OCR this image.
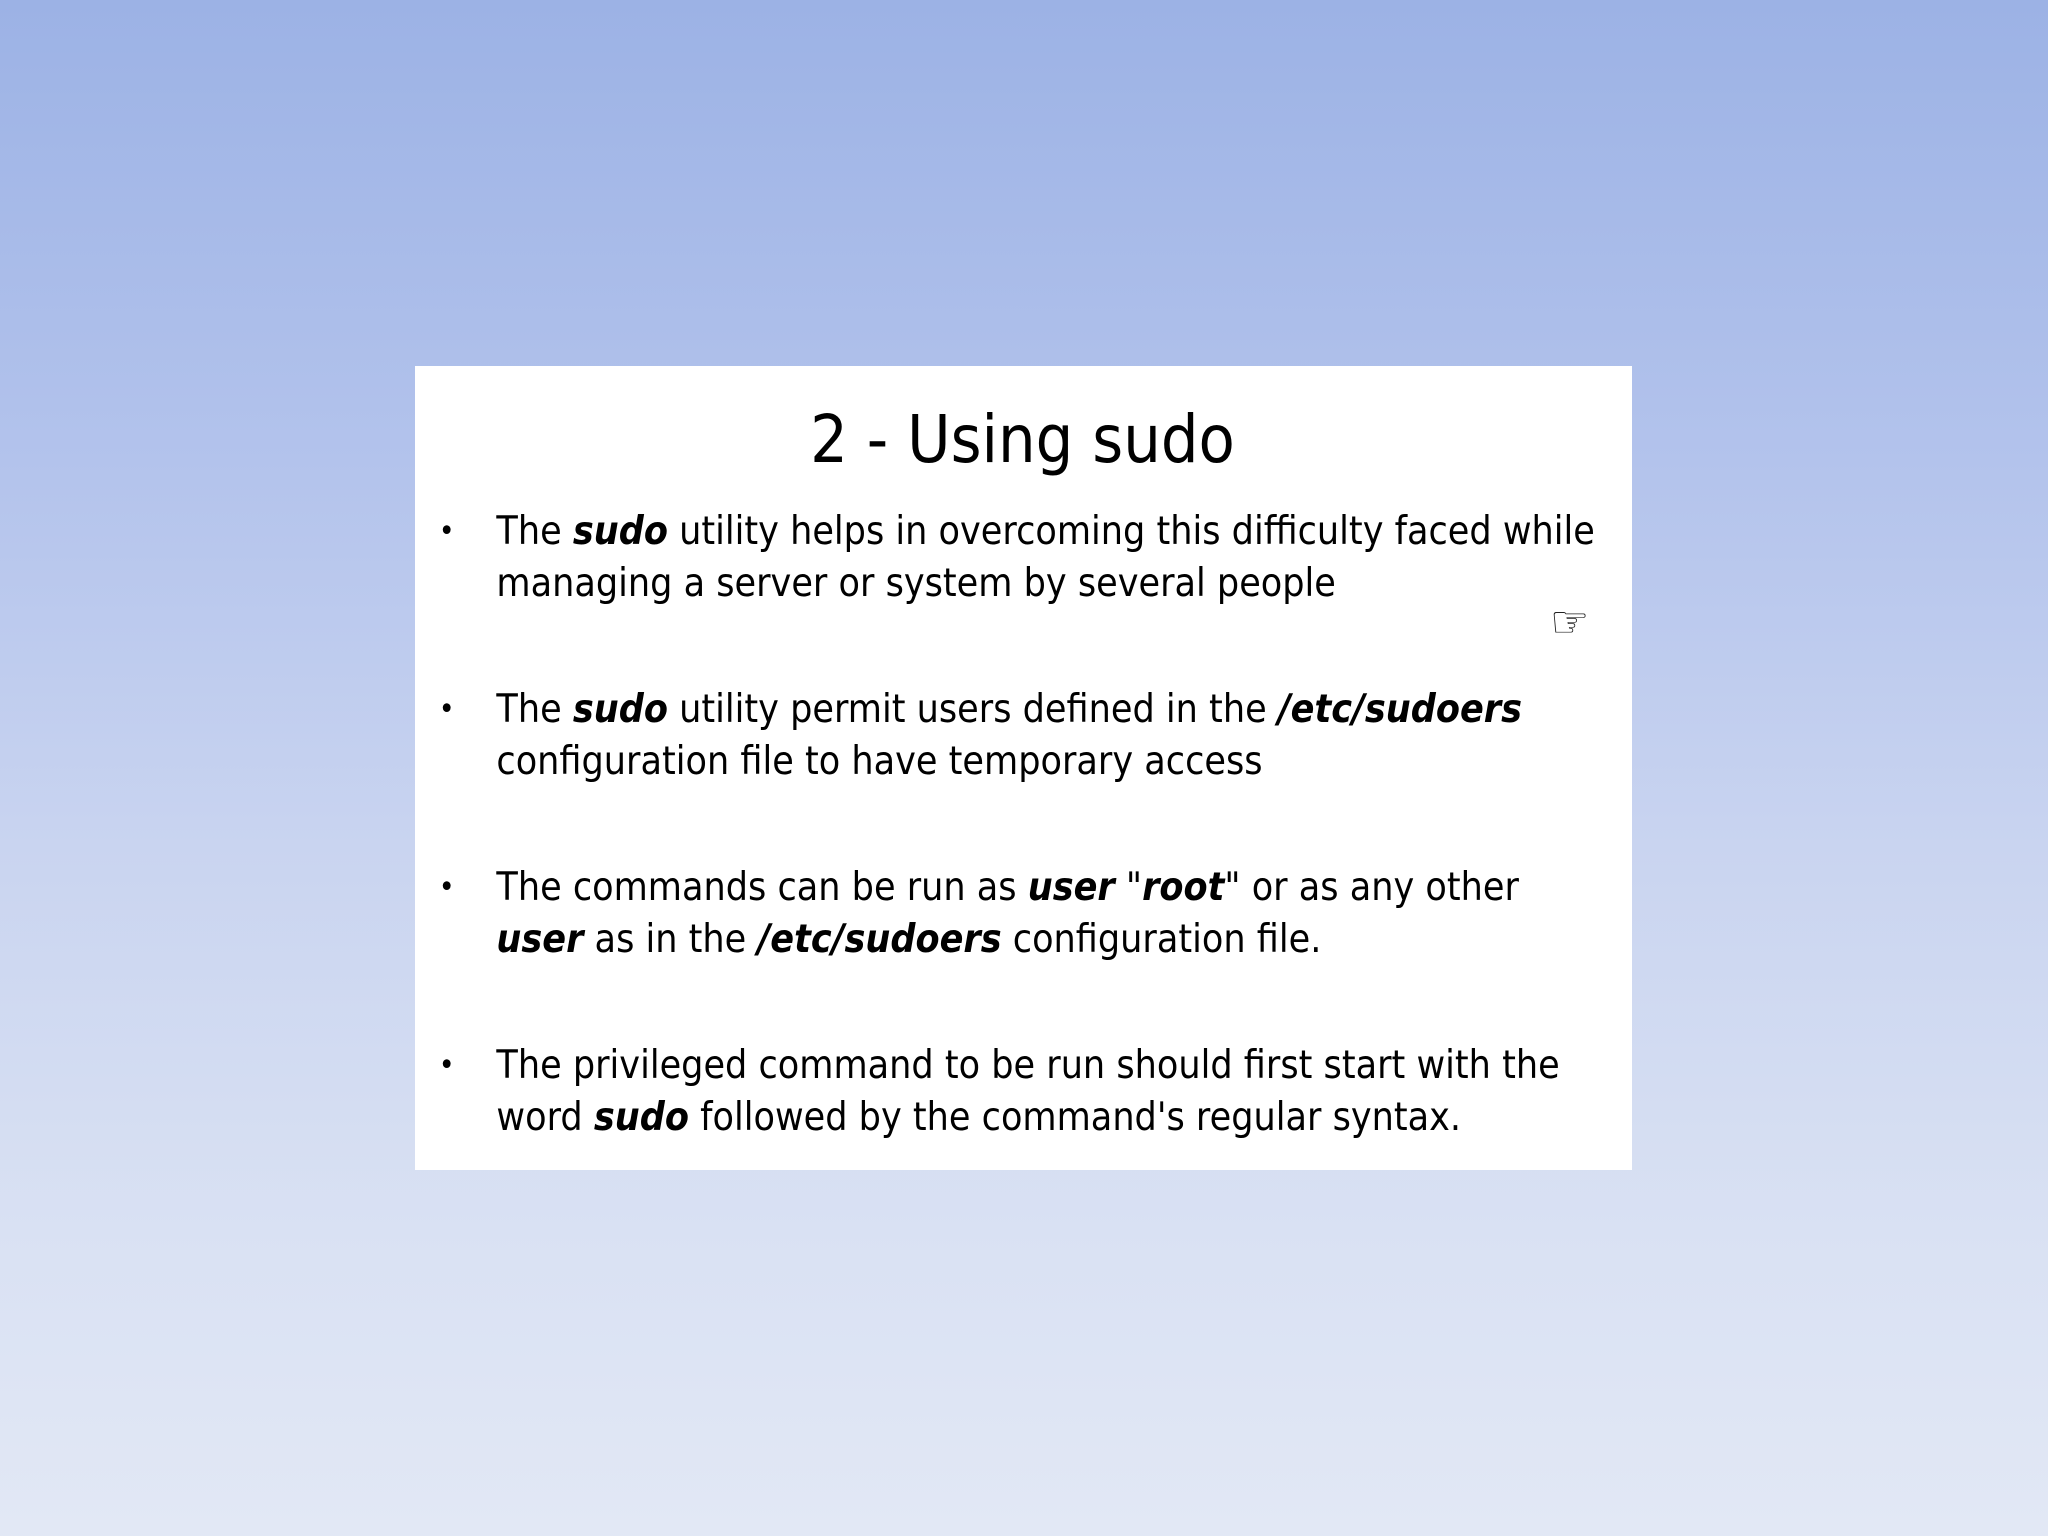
2 - Using sudo
• The sudo utility helps in overcoming this difficulty faced while managing a server or system by several people
• The sudo utility permit users defined in the /etc/sudoers configuration file to have temporary access
• The commands can be run as user "root" or as any other user as in the /etc/sudoers configuration file.
• The privileged command to be run should first start with the word sudo followed by the command's regular syntax.
☞
